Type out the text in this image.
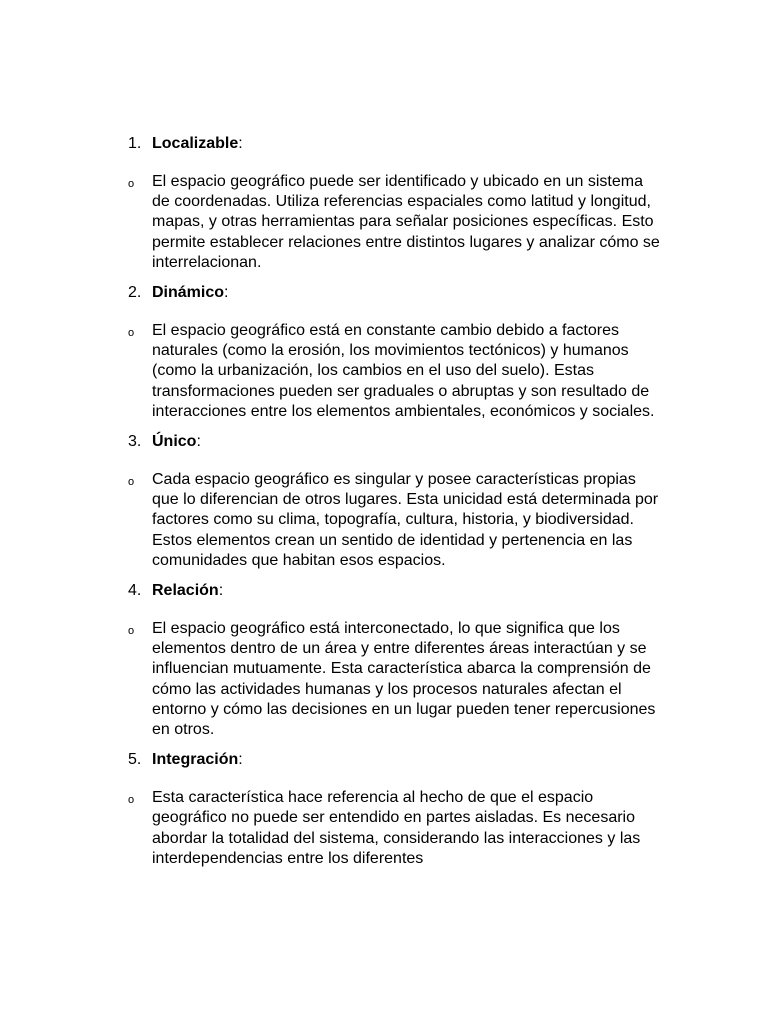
1. Localizable:
o	El espacio geográfico puede ser identificado y ubicado en un sistema de coordenadas. Utiliza referencias espaciales como latitud y longitud, mapas, y otras herramientas para señalar posiciones específicas. Esto permite establecer relaciones entre distintos lugares y analizar cómo se interrelacionan.
2. Dinámico:
o	El espacio geográfico está en constante cambio debido a factores naturales (como la erosión, los movimientos tectónicos) y humanos (como la urbanización, los cambios en el uso del suelo). Estas transformaciones pueden ser graduales o abruptas y son resultado de interacciones entre los elementos ambientales, económicos y sociales.
3. Único:
o	Cada espacio geográfico es singular y posee características propias que lo diferencian de otros lugares. Esta unicidad está determinada por factores como su clima, topografía, cultura, historia, y biodiversidad. Estos elementos crean un sentido de identidad y pertenencia en las comunidades que habitan esos espacios.
4. Relación:
o	El espacio geográfico está interconectado, lo que significa que los elementos dentro de un área y entre diferentes áreas interactúan y se influencian mutuamente. Esta característica abarca la comprensión de cómo las actividades humanas y los procesos naturales afectan el entorno y cómo las decisiones en un lugar pueden tener repercusiones en otros.
5. Integración:
o	Esta característica hace referencia al hecho de que el espacio geográfico no puede ser entendido en partes aisladas. Es necesario abordar la totalidad del sistema, considerando las interacciones y las interdependencias entre los diferentes
